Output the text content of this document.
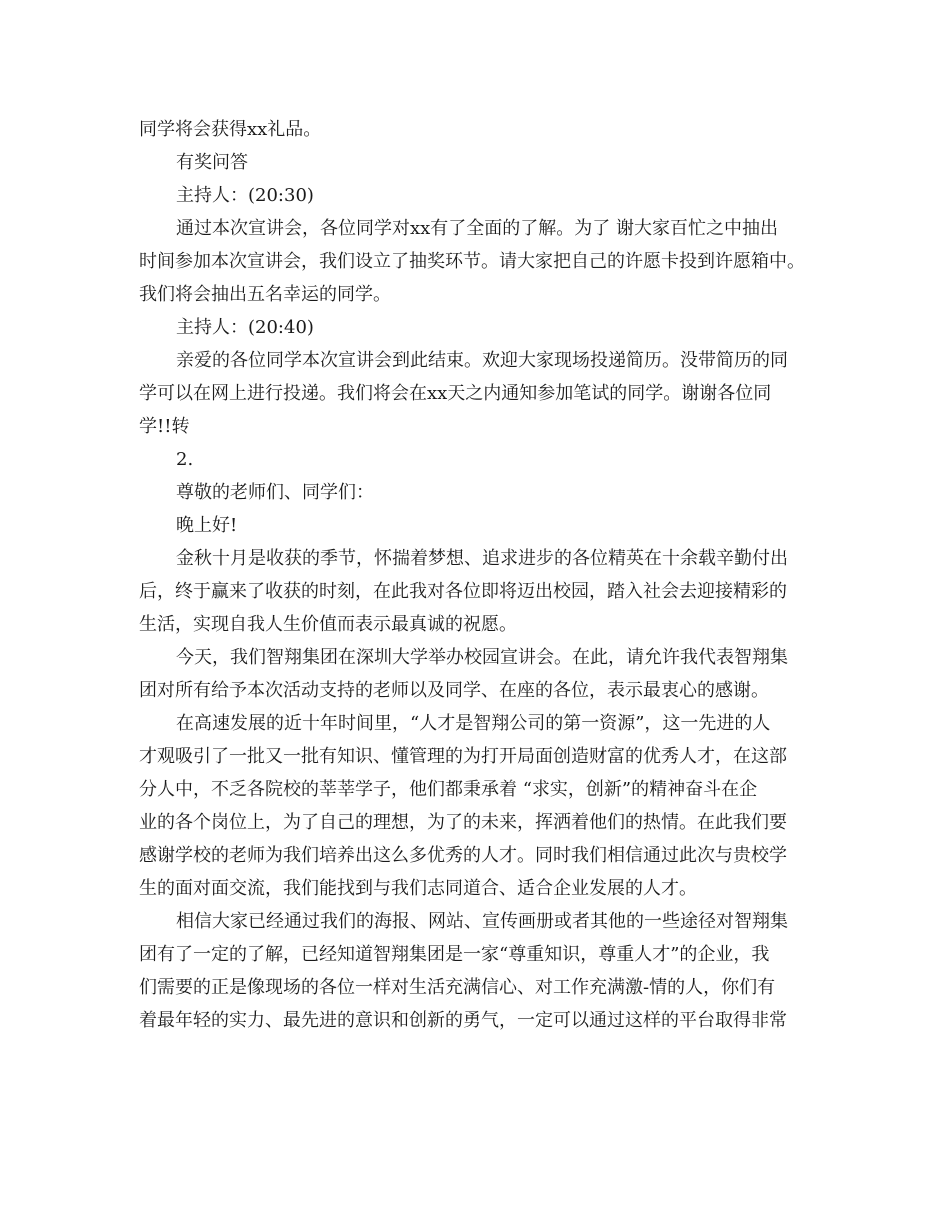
同学将会获得xx礼品。

有奖问答

主持人：(20:30)

通过本次宣讲会，各位同学对xx有了全面的了解。为了 谢大家百忙之中抽出

时间参加本次宣讲会，我们设立了抽奖环节。请大家把自己的许愿卡投到许愿箱中。

我们将会抽出五名幸运的同学。

主持人：(20:40)

亲爱的各位同学本次宣讲会到此结束。欢迎大家现场投递简历。没带简历的同

学可以在网上进行投递。我们将会在xx天之内通知参加笔试的同学。谢谢各位同

学!!转

2.

尊敬的老师们、同学们：

晚上好!

金秋十月是收获的季节，怀揣着梦想、追求进步的各位精英在十余载辛勤付出

后，终于赢来了收获的时刻，在此我对各位即将迈出校园，踏入社会去迎接精彩的

生活，实现自我人生价值而表示最真诚的祝愿。

今天，我们智翔集团在深圳大学举办校园宣讲会。在此，请允许我代表智翔集

团对所有给予本次活动支持的老师以及同学、在座的各位，表示最衷心的感谢。

在高速发展的近十年时间里，“人才是智翔公司的第一资源”，这一先进的人

才观吸引了一批又一批有知识、懂管理的为打开局面创造财富的优秀人才，在这部

分人中，不乏各院校的莘莘学子，他们都秉承着 “求实，创新”的精神奋斗在企

业的各个岗位上，为了自己的理想，为了的未来，挥洒着他们的热情。在此我们要

感谢学校的老师为我们培养出这么多优秀的人才。同时我们相信通过此次与贵校学

生的面对面交流，我们能找到与我们志同道合、适合企业发展的人才。

相信大家已经通过我们的海报、网站、宣传画册或者其他的一些途径对智翔集

团有了一定的了解，已经知道智翔集团是一家“尊重知识，尊重人才”的企业，我

们需要的正是像现场的各位一样对生活充满信心、对工作充满激-情的人，你们有

着最年轻的实力、最先进的意识和创新的勇气，一定可以通过这样的平台取得非常
